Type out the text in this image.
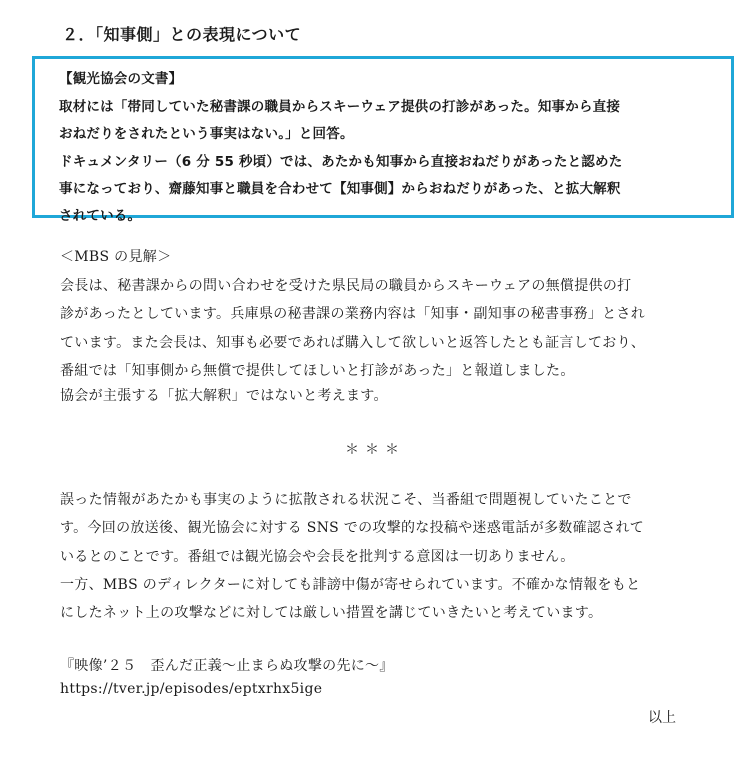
２．「知事側」との表現について
【観光協会の文書】
取材には「帯同していた秘書課の職員からスキーウェア提供の打診があった。知事から直接
おねだりをされたという事実はない。」と回答。
ドキュメンタリー（6 分 55 秒頃）では、あたかも知事から直接おねだりがあったと認めた
事になっており、齋藤知事と職員を合わせて【知事側】からおねだりがあった、と拡大解釈
されている。
＜MBS の見解＞
会長は、秘書課からの問い合わせを受けた県民局の職員からスキーウェアの無償提供の打
診があったとしています。兵庫県の秘書課の業務内容は「知事・副知事の秘書事務」とされ
ています。また会長は、知事も必要であれば購入して欲しいと返答したとも証言しており、
番組では「知事側から無償で提供してほしいと打診があった」と報道しました。
協会が主張する「拡大解釈」ではないと考えます。
＊＊＊
誤った情報があたかも事実のように拡散される状況こそ、当番組で問題視していたことで
す。今回の放送後、観光協会に対する SNS での攻撃的な投稿や迷惑電話が多数確認されて
いるとのことです。番組では観光協会や会長を批判する意図は一切ありません。
一方、MBS のディレクターに対しても誹謗中傷が寄せられています。不確かな情報をもと
にしたネット上の攻撃などに対しては厳しい措置を講じていきたいと考えています。
『映像’２５　歪んだ正義～止まらぬ攻撃の先に～』
https://tver.jp/episodes/eptxrhx5ige
以上
